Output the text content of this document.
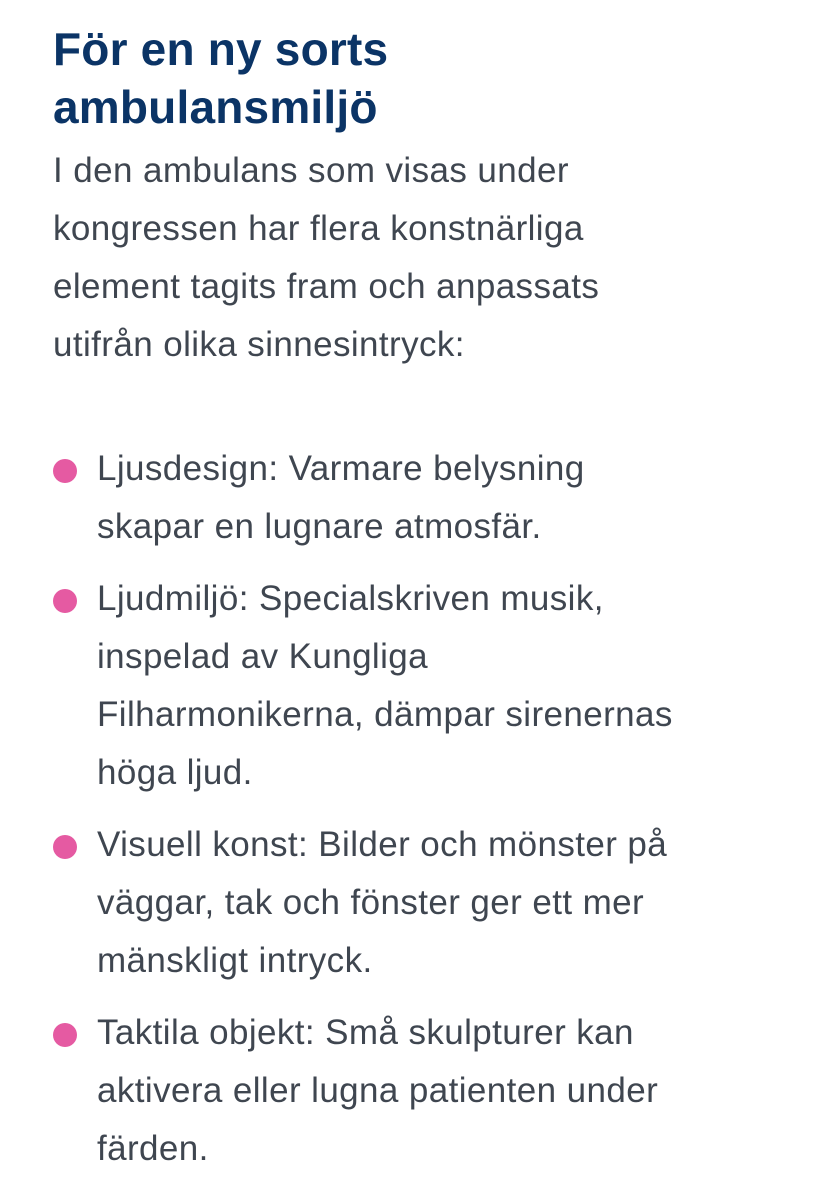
För en ny sorts
ambulansmiljö

I den ambulans som visas under
kongressen har flera konstnärliga
element tagits fram och anpassats
utifrån olika sinnesintryck:

Ljusdesign: Varmare belysning
skapar en lugnare atmosfär.
Ljudmiljö: Specialskriven musik,
inspelad av Kungliga
Filharmonikerna, dämpar sirenernas
höga ljud.
Visuell konst: Bilder och mönster på
väggar, tak och fönster ger ett mer
mänskligt intryck.
Taktila objekt: Små skulpturer kan
aktivera eller lugna patienten under
färden.
